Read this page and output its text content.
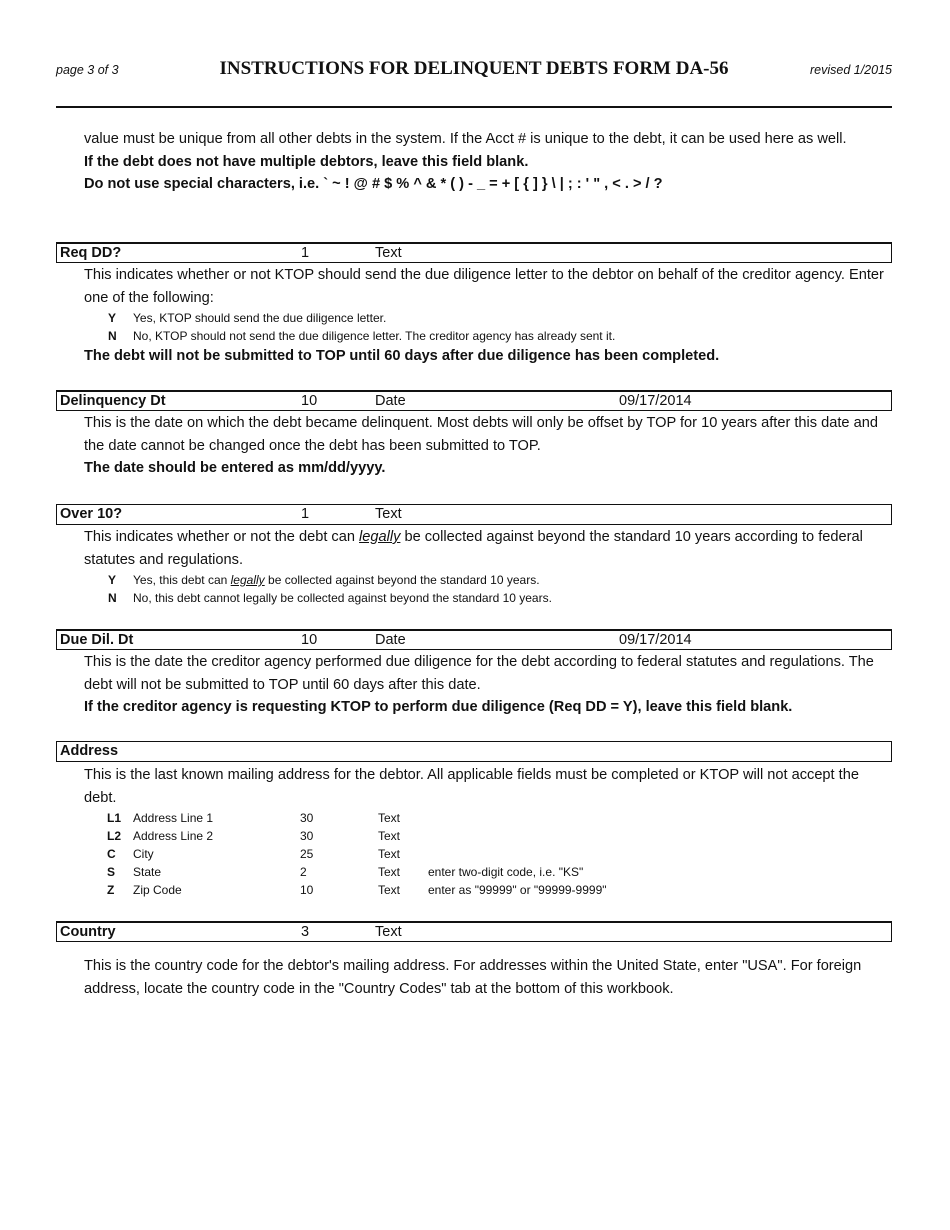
page 3 of 3	INSTRUCTIONS FOR DELINQUENT DEBTS FORM DA-56	revised 1/2015
value must be unique from all other debts in the system. If the Acct # is unique to the debt, it can be used here as well.
If the debt does not have multiple debtors, leave this field blank.
Do not use special characters, i.e. ` ~ ! @ # $ % ^ & * ( ) - _ = + [ { ] } \ | ; : ' " , < . > / ?
Req DD?	1	Text
This indicates whether or not KTOP should send the due diligence letter to the debtor on behalf of the creditor agency. Enter one of the following:
Y Yes, KTOP should send the due diligence letter.
N No, KTOP should not send the due diligence letter. The creditor agency has already sent it.
The debt will not be submitted to TOP until 60 days after due diligence has been completed.
Delinquency Dt	10	Date	09/17/2014
This is the date on which the debt became delinquent. Most debts will only be offset by TOP for 10 years after this date and the date cannot be changed once the debt has been submitted to TOP.
The date should be entered as mm/dd/yyyy.
Over 10?	1	Text
This indicates whether or not the debt can legally be collected against beyond the standard 10 years according to federal statutes and regulations.
Y Yes, this debt can legally be collected against beyond the standard 10 years.
N No, this debt cannot legally be collected against beyond the standard 10 years.
Due Dil. Dt	10	Date	09/17/2014
This is the date the creditor agency performed due diligence for the debt according to federal statutes and regulations. The debt will not be submitted to TOP until 60 days after this date.
If the creditor agency is requesting KTOP to perform due diligence (Req DD = Y), leave this field blank.
Address
This is the last known mailing address for the debtor. All applicable fields must be completed or KTOP will not accept the debt.
L1 Address Line 1	30	Text
L2 Address Line 2	30	Text
C City	25	Text
S State	2	Text enter two-digit code, i.e. "KS"
Z Zip Code	10	Text enter as "99999" or "99999-9999"
Country	3	Text
This is the country code for the debtor's mailing address. For addresses within the United State, enter "USA". For foreign address, locate the country code in the "Country Codes" tab at the bottom of this workbook.
